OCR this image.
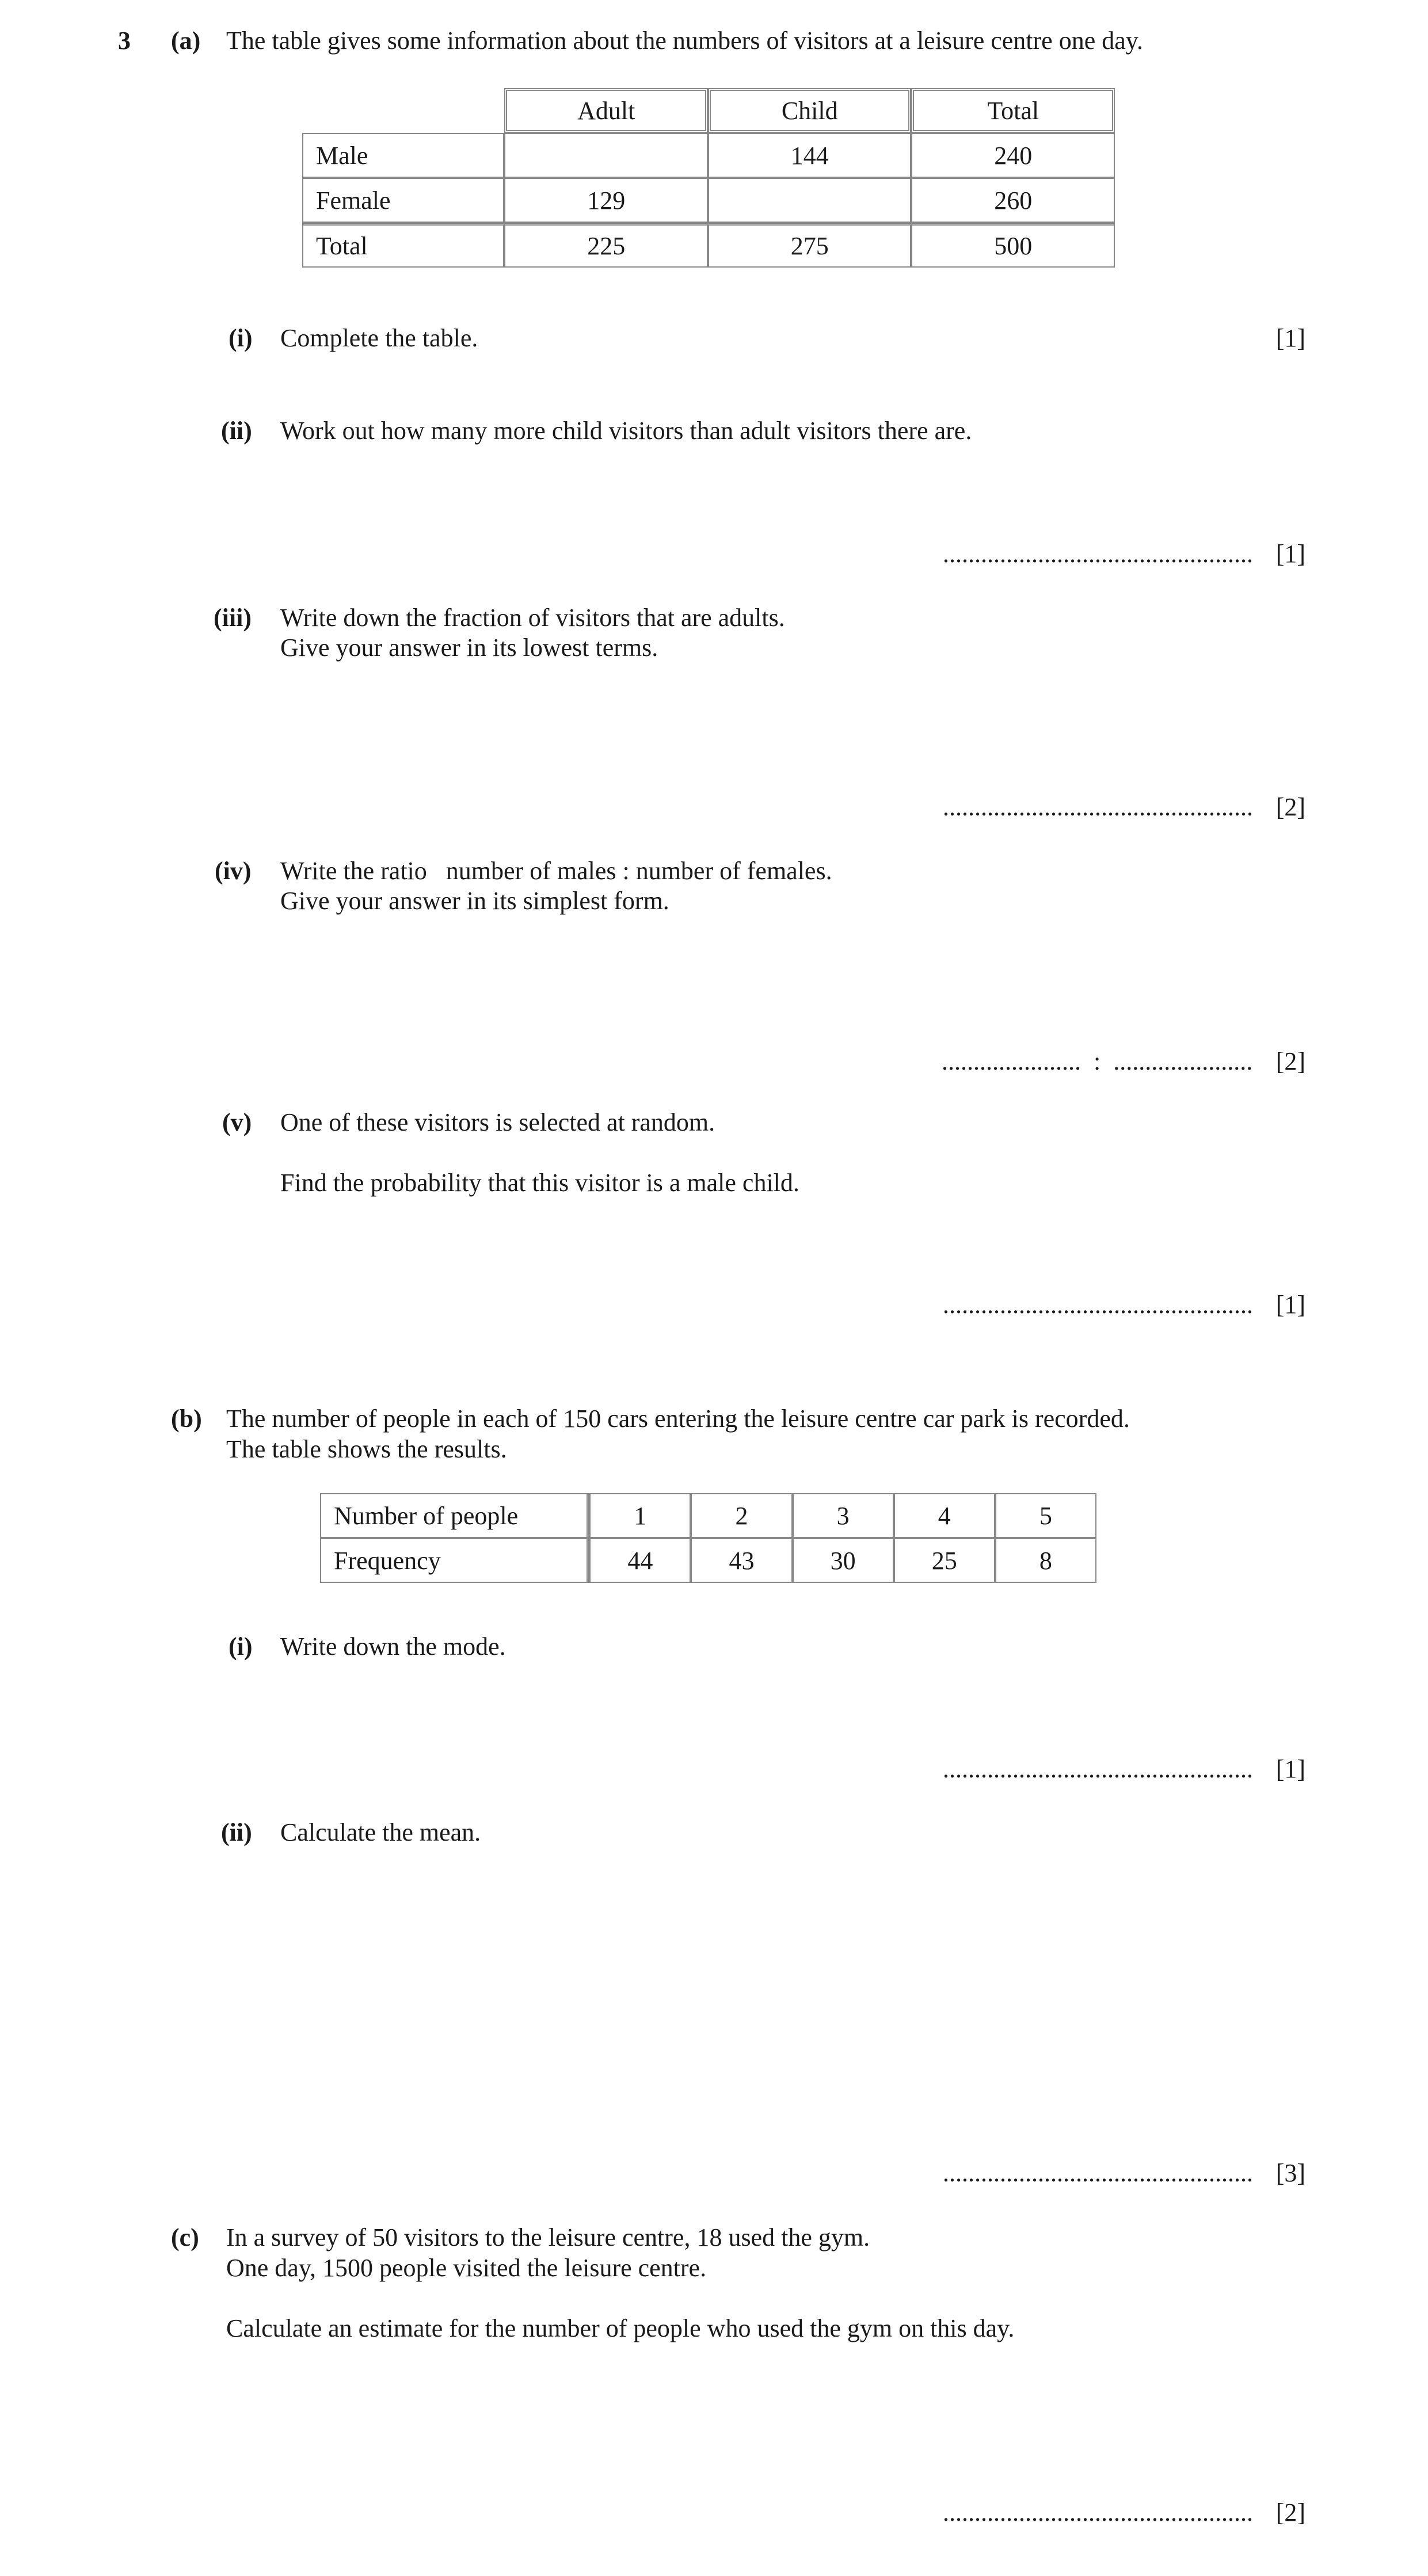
3 (a) The table gives some information about the numbers of visitors at a leisure centre one day.
	Adult	Child	Total
Male		144	240
Female	129		260
Total	225	275	500
(i) Complete the table.	[1]
(ii) Work out how many more child visitors than adult visitors there are.
................................................. [1]
(iii) Write down the fraction of visitors that are adults.
Give your answer in its lowest terms.
................................................. [2]
(iv) Write the ratio   number of males : number of females.
Give your answer in its simplest form.
......................  :  ...................... [2]
(v) One of these visitors is selected at random.
Find the probability that this visitor is a male child.
................................................. [1]
(b) The number of people in each of 150 cars entering the leisure centre car park is recorded.
The table shows the results.
Number of people	1	2	3	4	5
Frequency	44	43	30	25	8
(i) Write down the mode.
................................................. [1]
(ii) Calculate the mean.
................................................. [3]
(c) In a survey of 50 visitors to the leisure centre, 18 used the gym.
One day, 1500 people visited the leisure centre.
Calculate an estimate for the number of people who used the gym on this day.
................................................. [2]
